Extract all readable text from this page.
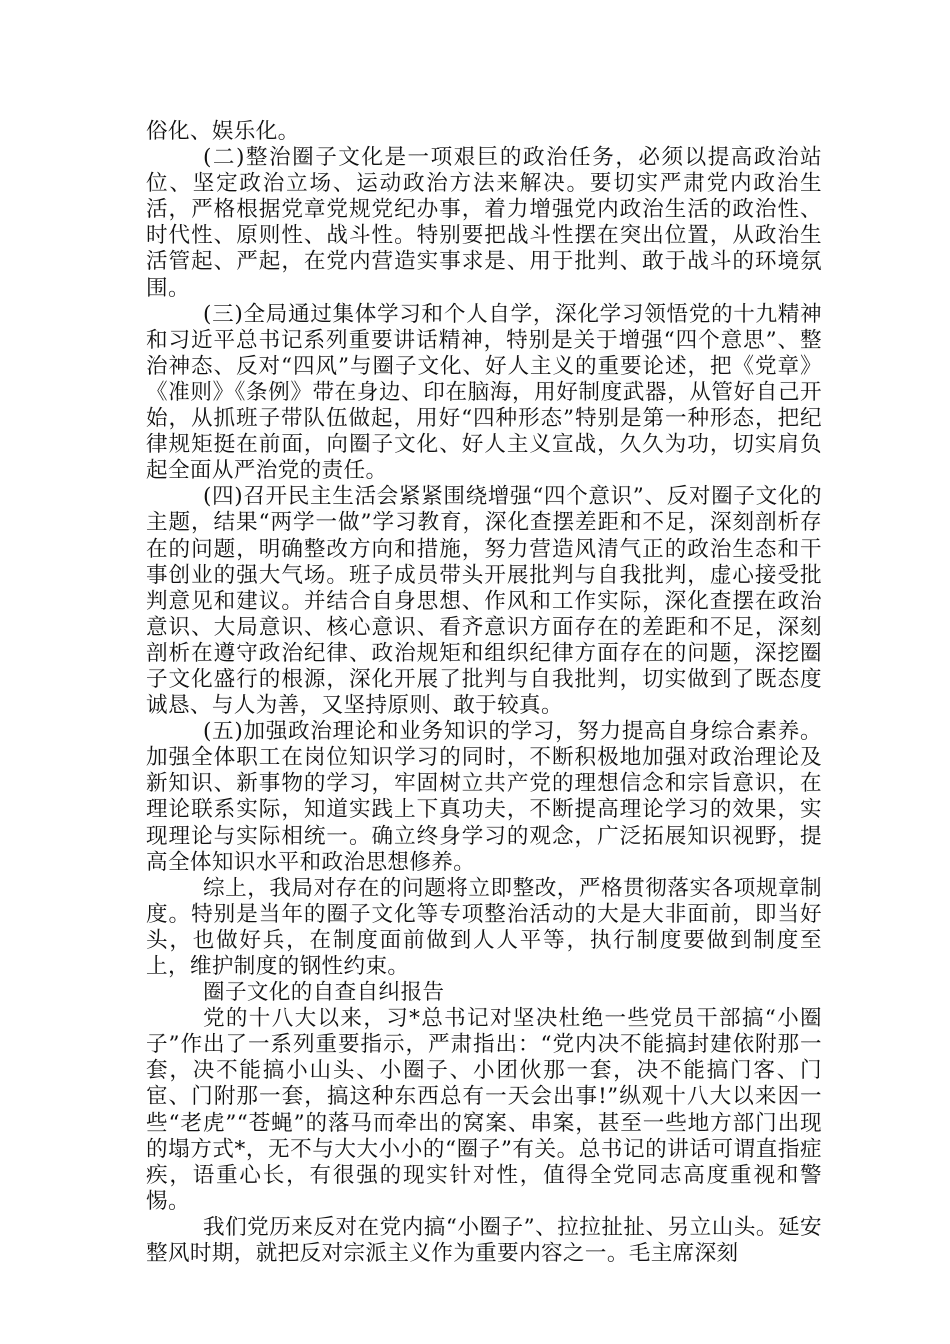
俗化、娱乐化。

(二)整治圈子文化是一项艰巨的政治任务，必须以提高政治站位、坚定政治立场、运动政治方法来解决。要切实严肃党内政治生活，严格根据党章党规党纪办事，着力增强党内政治生活的政治性、时代性、原则性、战斗性。特别要把战斗性摆在突出位置，从政治生活管起、严起，在党内营造实事求是、用于批判、敢于战斗的环境氛围。

(三)全局通过集体学习和个人自学，深化学习领悟党的十九精神和习近平总书记系列重要讲话精神，特别是关于增强“四个意思”、整治神态、反对“四风”与圈子文化、好人主义的重要论述，把《党章》《准则》《条例》带在身边、印在脑海，用好制度武器，从管好自己开始，从抓班子带队伍做起，用好“四种形态”特别是第一种形态，把纪律规矩挺在前面，向圈子文化、好人主义宣战，久久为功，切实肩负起全面从严治党的责任。

(四)召开民主生活会紧紧围绕增强“四个意识”、反对圈子文化的主题，结果“两学一做”学习教育，深化查摆差距和不足，深刻剖析存在的问题，明确整改方向和措施，努力营造风清气正的政治生态和干事创业的强大气场。班子成员带头开展批判与自我批判，虚心接受批判意见和建议。并结合自身思想、作风和工作实际，深化查摆在政治意识、大局意识、核心意识、看齐意识方面存在的差距和不足，深刻剖析在遵守政治纪律、政治规矩和组织纪律方面存在的问题，深挖圈子文化盛行的根源，深化开展了批判与自我批判，切实做到了既态度诚恳、与人为善，又坚持原则、敢于较真。

(五)加强政治理论和业务知识的学习，努力提高自身综合素养。加强全体职工在岗位知识学习的同时，不断积极地加强对政治理论及新知识、新事物的学习，牢固树立共产党的理想信念和宗旨意识，在理论联系实际，知道实践上下真功夫，不断提高理论学习的效果，实现理论与实际相统一。确立终身学习的观念，广泛拓展知识视野，提高全体知识水平和政治思想修养。

综上，我局对存在的问题将立即整改，严格贯彻落实各项规章制度。特别是当年的圈子文化等专项整治活动的大是大非面前，即当好头，也做好兵，在制度面前做到人人平等，执行制度要做到制度至上，维护制度的钢性约束。

圈子文化的自查自纠报告

党的十八大以来，习*总书记对坚决杜绝一些党员干部搞“小圈子”作出了一系列重要指示，严肃指出：“党内决不能搞封建依附那一套，决不能搞小山头、小圈子、小团伙那一套，决不能搞门客、门宦、门附那一套，搞这种东西总有一天会出事!”纵观十八大以来因一些“老虎”“苍蝇”的落马而牵出的窝案、串案，甚至一些地方部门出现的塌方式*，无不与大大小小的“圈子”有关。总书记的讲话可谓直指症疾，语重心长，有很强的现实针对性，值得全党同志高度重视和警惕。

我们党历来反对在党内搞“小圈子”、拉拉扯扯、另立山头。延安整风时期，就把反对宗派主义作为重要内容之一。毛主席深刻
